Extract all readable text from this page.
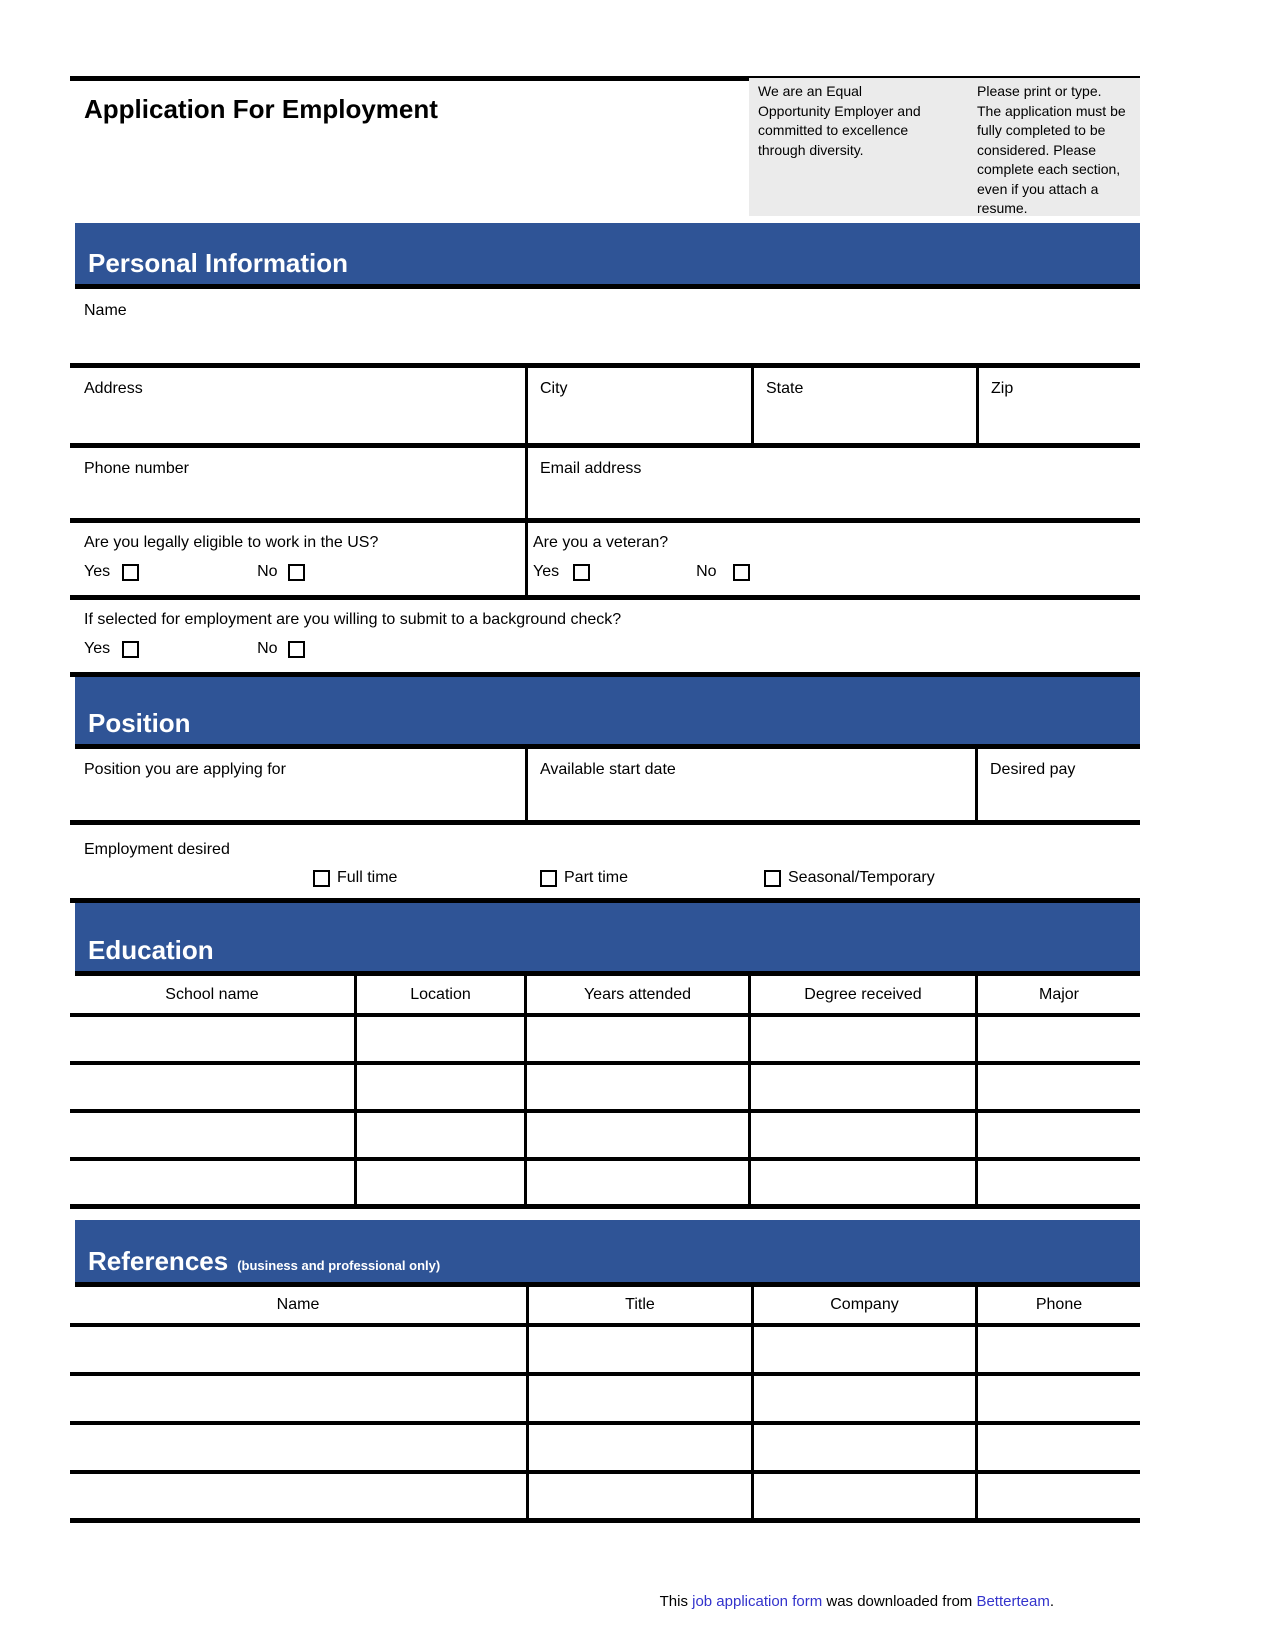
Application For Employment
We are an Equal
Opportunity Employer and
committed to excellence
through diversity.
Please print or type.
The application must be
fully completed to be
considered. Please
complete each section,
even if you attach a
resume.
Personal Information
Name
Address	City	State	Zip
Phone number	Email address
Are you legally eligible to work in the US?
Yes	No
Are you a veteran?
Yes	No
If selected for employment are you willing to submit to a background check?
Yes	No
Position
Position you are applying for	Available start date	Desired pay
Employment desired
Full time	Part time	Seasonal/Temporary
Education
School name	Location	Years attended	Degree received	Major
References (business and professional only)
Name	Title	Company	Phone
This job application form was downloaded from Betterteam.
